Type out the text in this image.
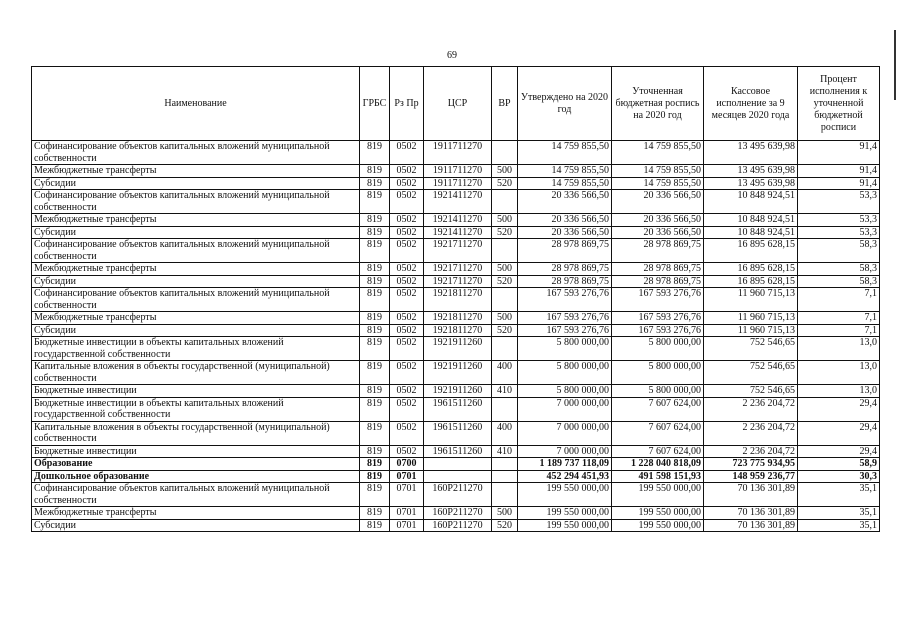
69
Наименование	ГРБС	Рз Пр	ЦСР	ВР	Утверждено на 2020 год	Уточненная бюджетная роспись на 2020 год	Кассовое исполнение за 9 месяцев 2020 года	Процент исполнения к уточненной бюджетной росписи
Софинансирование объектов капитальных вложений муниципальной собственности	819	0502	1911711270		14 759 855,50	14 759 855,50	13 495 639,98	91,4
Межбюджетные трансферты	819	0502	1911711270	500	14 759 855,50	14 759 855,50	13 495 639,98	91,4
Субсидии	819	0502	1911711270	520	14 759 855,50	14 759 855,50	13 495 639,98	91,4
Софинансирование объектов капитальных вложений муниципальной собственности	819	0502	1921411270		20 336 566,50	20 336 566,50	10 848 924,51	53,3
Межбюджетные трансферты	819	0502	1921411270	500	20 336 566,50	20 336 566,50	10 848 924,51	53,3
Субсидии	819	0502	1921411270	520	20 336 566,50	20 336 566,50	10 848 924,51	53,3
Софинансирование объектов капитальных вложений муниципальной собственности	819	0502	1921711270		28 978 869,75	28 978 869,75	16 895 628,15	58,3
Межбюджетные трансферты	819	0502	1921711270	500	28 978 869,75	28 978 869,75	16 895 628,15	58,3
Субсидии	819	0502	1921711270	520	28 978 869,75	28 978 869,75	16 895 628,15	58,3
Софинансирование объектов капитальных вложений муниципальной собственности	819	0502	1921811270		167 593 276,76	167 593 276,76	11 960 715,13	7,1
Межбюджетные трансферты	819	0502	1921811270	500	167 593 276,76	167 593 276,76	11 960 715,13	7,1
Субсидии	819	0502	1921811270	520	167 593 276,76	167 593 276,76	11 960 715,13	7,1
Бюджетные инвестиции в объекты капитальных вложений государственной собственности	819	0502	1921911260		5 800 000,00	5 800 000,00	752 546,65	13,0
Капитальные вложения в объекты государственной (муниципальной) собственности	819	0502	1921911260	400	5 800 000,00	5 800 000,00	752 546,65	13,0
Бюджетные инвестиции	819	0502	1921911260	410	5 800 000,00	5 800 000,00	752 546,65	13,0
Бюджетные инвестиции в объекты капитальных вложений государственной собственности	819	0502	1961511260		7 000 000,00	7 607 624,00	2 236 204,72	29,4
Капитальные вложения в объекты государственной (муниципальной) собственности	819	0502	1961511260	400	7 000 000,00	7 607 624,00	2 236 204,72	29,4
Бюджетные инвестиции	819	0502	1961511260	410	7 000 000,00	7 607 624,00	2 236 204,72	29,4
Образование	819	0700			1 189 737 118,09	1 228 040 818,09	723 775 934,95	58,9
Дошкольное образование	819	0701			452 294 451,93	491 598 151,93	148 959 236,77	30,3
Софинансирование объектов капитальных вложений муниципальной собственности	819	0701	160P211270		199 550 000,00	199 550 000,00	70 136 301,89	35,1
Межбюджетные трансферты	819	0701	160P211270	500	199 550 000,00	199 550 000,00	70 136 301,89	35,1
Субсидии	819	0701	160P211270	520	199 550 000,00	199 550 000,00	70 136 301,89	35,1
